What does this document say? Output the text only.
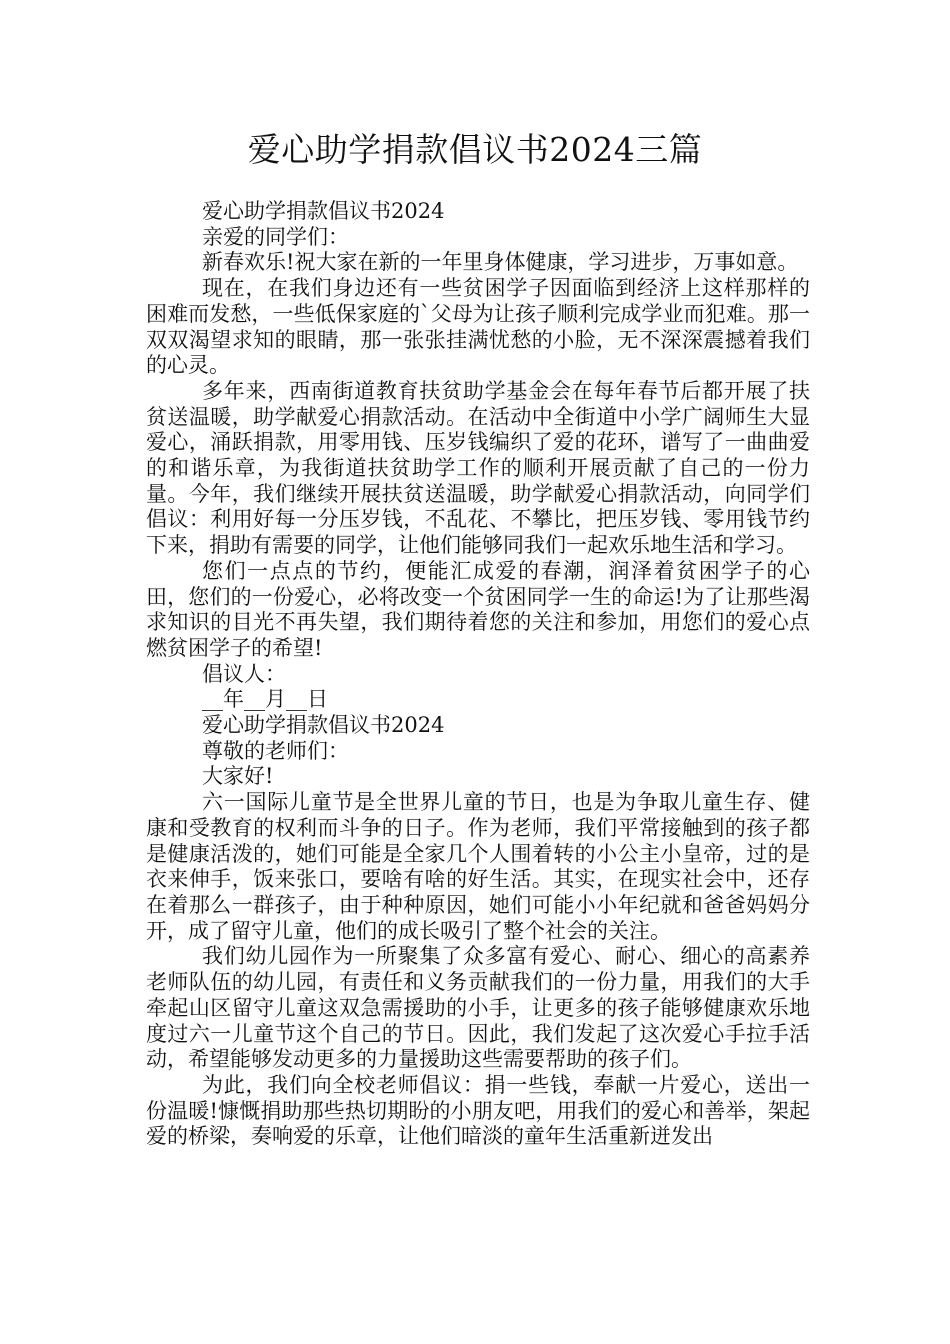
爱心助学捐款倡议书2024三篇

爱心助学捐款倡议书2024

亲爱的同学们：

新春欢乐!祝大家在新的一年里身体健康，学习进步，万事如意。

现在，在我们身边还有一些贫困学子因面临到经济上这样那样的困难而发愁，一些低保家庭的`父母为让孩子顺利完成学业而犯难。那一双双渴望求知的眼睛，那一张张挂满忧愁的小脸，无不深深震撼着我们的心灵。

多年来，西南街道教育扶贫助学基金会在每年春节后都开展了扶贫送温暖，助学献爱心捐款活动。在活动中全街道中小学广阔师生大显爱心，涌跃捐款，用零用钱、压岁钱编织了爱的花环，谱写了一曲曲爱的和谐乐章，为我街道扶贫助学工作的顺利开展贡献了自己的一份力量。今年，我们继续开展扶贫送温暖，助学献爱心捐款活动，向同学们倡议：利用好每一分压岁钱，不乱花、不攀比，把压岁钱、零用钱节约下来，捐助有需要的同学，让他们能够同我们一起欢乐地生活和学习。

您们一点点的节约，便能汇成爱的春潮，润泽着贫困学子的心田，您们的一份爱心，必将改变一个贫困同学一生的命运!为了让那些渴求知识的目光不再失望，我们期待着您的关注和参加，用您们的爱心点燃贫困学子的希望!

倡议人：

__年__月__日

爱心助学捐款倡议书2024

尊敬的老师们：

大家好!

六一国际儿童节是全世界儿童的节日，也是为争取儿童生存、健康和受教育的权利而斗争的日子。作为老师，我们平常接触到的孩子都是健康活泼的，她们可能是全家几个人围着转的小公主小皇帝，过的是衣来伸手，饭来张口，要啥有啥的好生活。其实，在现实社会中，还存在着那么一群孩子，由于种种原因，她们可能小小年纪就和爸爸妈妈分开，成了留守儿童，他们的成长吸引了整个社会的关注。

我们幼儿园作为一所聚集了众多富有爱心、耐心、细心的高素养老师队伍的幼儿园，有责任和义务贡献我们的一份力量，用我们的大手牵起山区留守儿童这双急需援助的小手，让更多的孩子能够健康欢乐地度过六一儿童节这个自己的节日。因此，我们发起了这次爱心手拉手活动，希望能够发动更多的力量援助这些需要帮助的孩子们。

为此，我们向全校老师倡议：捐一些钱，奉献一片爱心，送出一份温暖!慷慨捐助那些热切期盼的小朋友吧，用我们的爱心和善举，架起爱的桥梁，奏响爱的乐章，让他们暗淡的童年生活重新迸发出
